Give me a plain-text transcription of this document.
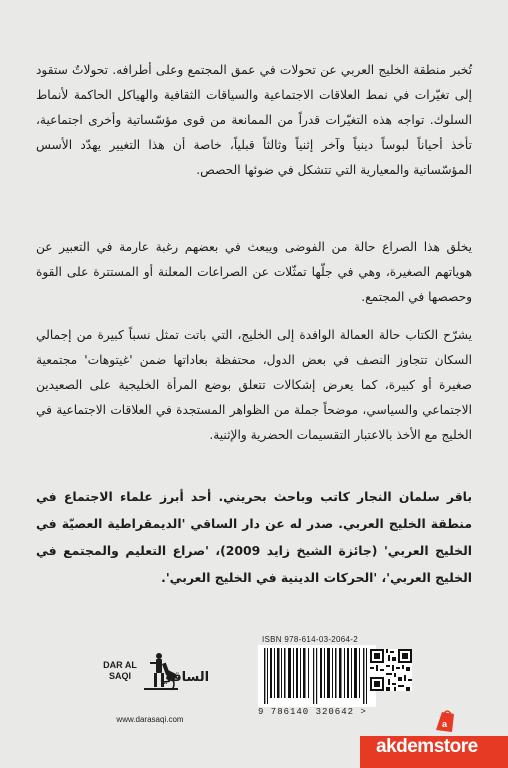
تُخبر منطقة الخليج العربي عن تحولات في عمق المجتمع وعلى أطرافه. تحولاتٌ ستقود إلى تغيّرات في نمط العلاقات الاجتماعية والسياقات الثقافية والهياكل الحاكمة لأنماط السلوك. تواجه هذه التغيّرات قدراً من الممانعة من قوى مؤسّساتية وأخرى اجتماعية، تأخذ أحياناً لبوساً دينياً وآخر إثنياً وثالثاً قبلياً، خاصة أن هذا التغيير يهدّد الأسس المؤسّساتية والمعيارية التي تتشكل في ضوئها الحصص.
يخلق هذا الصراع حالة من الفوضى ويبعث في بعضهم رغبة عارمة في التعبير عن هوياتهم الصغيرة، وهي في جلّها تمثّلات عن الصراعات المعلنة أو المستترة على القوة وحصصها في المجتمع.
يشرّح الكتاب حالة العمالة الوافدة إلى الخليج، التي باتت تمثل نسباً كبيرة من إجمالي السكان تتجاوز النصف في بعض الدول، محتفظة بعاداتها ضمن 'غيتوهات' مجتمعية صغيرة أو كبيرة، كما يعرض إشكالات تتعلق بوضع المرأة الخليجية على الصعيدين الاجتماعي والسياسي، موضحاً جملة من الظواهر المستجدة في العلاقات الاجتماعية في الخليج مع الأخذ بالاعتبار التقسيمات الحضرية والإثنية.
باقر سلمان النجار كاتب وباحث بحريني. أحد أبرز علماء الاجتماع في منطقة الخليج العربي. صدر له عن دار الساقي 'الديمقراطية العصيّة في الخليج العربي' (جائزة الشيخ زايد 2009)، 'صراع التعليم والمجتمع في الخليج العربي'، 'الحركات الدينية في الخليج العربي'.
DAR AL SAQI	الساقي
www.darasaqi.com
ISBN 978-614-03-2064-2
9 786140 320642 >
a
akdemstore
